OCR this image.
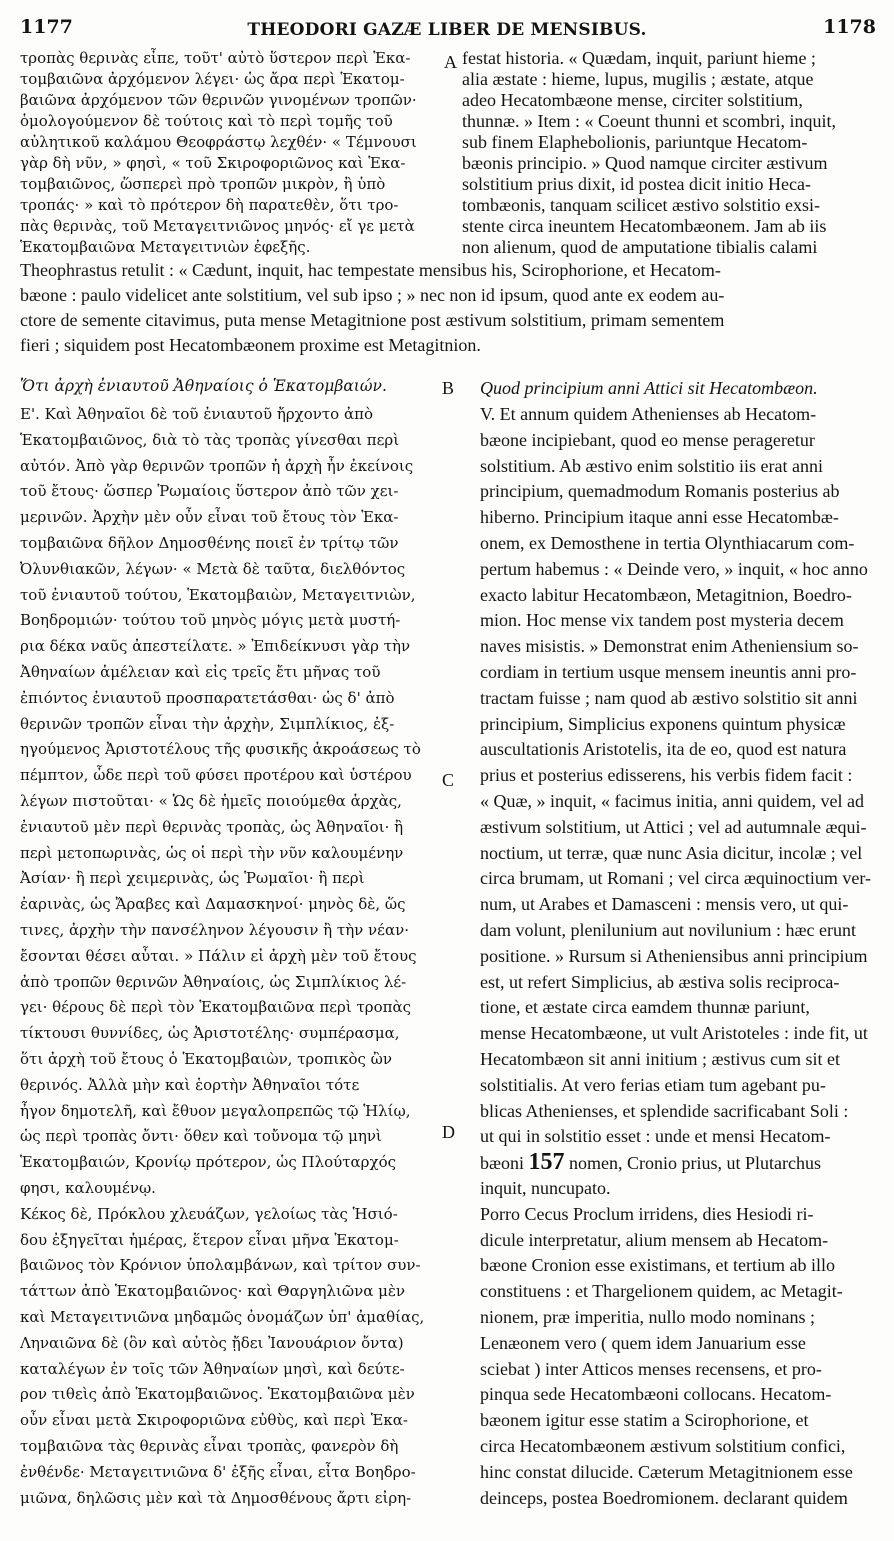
1177	THEODORI GAZÆ LIBER DE MENSIBUS.	1178
τροπὰς θερινὰς εἶπε, τοῦτ' αὐτὸ ὕστερον περὶ Ἑκα-
τομβαιῶνα ἀρχόμενον λέγει· ὡς ἄρα περὶ Ἑκατομ-
βαιῶνα ἀρχόμενον τῶν θερινῶν γινομένων τροπῶν·
ὁμολογούμενον δὲ τούτοις καὶ τὸ περὶ τομῆς τοῦ
αὐλητικοῦ καλάμου Θεοφράστῳ λεχθέν· « Τέμνουσι
γὰρ δὴ νῦν, » φησὶ, « τοῦ Σκιροφοριῶνος καὶ Ἑκα-
τομβαιῶνος, ὥσπερεὶ πρὸ τροπῶν μικρὸν, ἢ ὑπὸ
τροπάς· » καὶ τὸ πρότερον δὴ παρατεθὲν, ὅτι τρο-
πὰς θερινὰς, τοῦ Μεταγειτνιῶνος μηνός· εἴ γε μετὰ
Ἑκατομβαιῶνα Μεταγειτνιὼν ἐφεξῆς.
festat historia. « Quædam, inquit, pariunt hieme ;
alia æstate : hieme, lupus, mugilis ; æstate, atque
adeo Hecatombæone mense, circiter solstitium,
thunnæ. » Item : « Coeunt thunni et scombri, inquit,
sub finem Elaphebolionis, pariuntque Hecatom-
bæonis principio. » Quod namque circiter æstivum
solstitium prius dixit, id postea dicit initio Heca-
tombæonis, tanquam scilicet æstivo solstitio exsi-
stente circa ineuntem Hecatombæonem. Jam ab iis
non alienum, quod de amputatione tibialis calami
A
Theophrastus retulit : « Cædunt, inquit, hac tempestate mensibus his, Scirophorione, et Hecatom-
bæone : paulo videlicet ante solstitium, vel sub ipso ; » nec non id ipsum, quod ante ex eodem au-
ctore de semente citavimus, puta mense Metagitnione post æstivum solstitium, primam sementem
fieri ; siquidem post Hecatombæonem proxime est Metagitnion.
Ὅτι ἀρχὴ ἐνιαυτοῦ Ἀθηναίοις ὁ Ἑκατομβαιών.	B Quod principium anni Attici sit Hecatombæon.
Ε'. Καὶ Ἀθηναῖοι δὲ τοῦ ἐνιαυτοῦ ἤρχοντο ἀπὸ
Ἑκατομβαιῶνος, διὰ τὸ τὰς τροπὰς γίνεσθαι περὶ
αὐτόν. Ἀπὸ γὰρ θερινῶν τροπῶν ἡ ἀρχὴ ἦν ἐκείνοις
τοῦ ἔτους· ὥσπερ Ῥωμαίοις ὕστερον ἀπὸ τῶν χει-
μερινῶν. Ἀρχὴν μὲν οὖν εἶναι τοῦ ἔτους τὸν Ἑκα-
τομβαιῶνα δῆλον Δημοσθένης ποιεῖ ἐν τρίτῳ τῶν
Ὀλυνθιακῶν, λέγων· « Μετὰ δὲ ταῦτα, διελθόντος
τοῦ ἐνιαυτοῦ τούτου, Ἑκατομβαιὼν, Μεταγειτνιὼν,
Βοηδρομιών· τούτου τοῦ μηνὸς μόγις μετὰ μυστή-
ρια δέκα ναῦς ἀπεστείλατε. » Ἐπιδείκνυσι γὰρ τὴν
Ἀθηναίων ἀμέλειαν καὶ εἰς τρεῖς ἔτι μῆνας τοῦ
ἐπιόντος ἐνιαυτοῦ προσπαρατετάσθαι· ὡς δ' ἀπὸ
θερινῶν τροπῶν εἶναι τὴν ἀρχὴν, Σιμπλίκιος, ἐξ-
ηγούμενος Ἀριστοτέλους τῆς φυσικῆς ἀκροάσεως τὸ
πέμπτον, ὧδε περὶ τοῦ φύσει προτέρου καὶ ὑστέρου
λέγων πιστοῦται· « Ὡς δὲ ἡμεῖς ποιούμεθα ἀρχὰς,
ἐνιαυτοῦ μὲν περὶ θερινὰς τροπὰς, ὡς Ἀθηναῖοι· ἢ
περὶ μετοπωρινὰς, ὡς οἱ περὶ τὴν νῦν καλουμένην
Ἀσίαν· ἢ περὶ χειμερινὰς, ὡς Ῥωμαῖοι· ἢ περὶ
ἐαρινὰς, ὡς Ἄραβες καὶ Δαμασκηνοί· μηνὸς δὲ, ὥς
τινες, ἀρχὴν τὴν πανσέληνον λέγουσιν ἢ τὴν νέαν·
ἔσονται θέσει αὗται. » Πάλιν εἰ ἀρχὴ μὲν τοῦ ἔτους
ἀπὸ τροπῶν θερινῶν Ἀθηναίοις, ὡς Σιμπλίκιος λέ-
γει· θέρους δὲ περὶ τὸν Ἑκατομβαιῶνα περὶ τροπὰς
τίκτουσι θυννίδες, ὡς Ἀριστοτέλης· συμπέρασμα,
ὅτι ἀρχὴ τοῦ ἔτους ὁ Ἑκατομβαιὼν, τροπικὸς ὢν
θερινός. Ἀλλὰ μὴν καὶ ἑορτὴν Ἀθηναῖοι τότε
ἦγον δημοτελῆ, καὶ ἔθυον μεγαλοπρεπῶς τῷ Ἡλίῳ,
ὡς περὶ τροπὰς ὄντι· ὅθεν καὶ τοὔνομα τῷ μηνὶ
Ἑκατομβαιών, Κρονίῳ πρότερον, ὡς Πλούταρχός
φησι, καλουμένῳ.
Κέκος δὲ, Πρόκλου χλευάζων, γελοίως τὰς Ἡσιό-
δου ἐξηγεῖται ἡμέρας, ἕτερον εἶναι μῆνα Ἑκατομ-
βαιῶνος τὸν Κρόνιον ὑπολαμβάνων, καὶ τρίτον συν-
τάττων ἀπὸ Ἑκατομβαιῶνος· καὶ Θαργηλιῶνα μὲν
καὶ Μεταγειτνιῶνα μηδαμῶς ὀνομάζων ὑπ' ἀμαθίας,
Ληναιῶνα δὲ (ὃν καὶ αὐτὸς ᾔδει Ἰανουάριον ὄντα)
καταλέγων ἐν τοῖς τῶν Ἀθηναίων μησὶ, καὶ δεύτε-
ρον τιθεὶς ἀπὸ Ἑκατομβαιῶνος. Ἑκατομβαιῶνα μὲν
οὖν εἶναι μετὰ Σκιροφοριῶνα εὐθὺς, καὶ περὶ Ἑκα-
τομβαιῶνα τὰς θερινὰς εἶναι τροπὰς, φανερὸν δὴ
ἐνθένδε· Μεταγειτνιῶνα δ' ἐξῆς εἶναι, εἶτα Βοηδρο-
μιῶνα, δηλῶσις μὲν καὶ τὰ Δημοσθένους ἄρτι εἰρη-
V. Et annum quidem Athenienses ab Hecatom-
bæone incipiebant, quod eo mense perageretur
solstitium. Ab æstivo enim solstitio iis erat anni
principium, quemadmodum Romanis posterius ab
hiberno. Principium itaque anni esse Hecatombæ-
onem, ex Demosthene in tertia Olynthiacarum com-
pertum habemus : « Deinde vero, » inquit, « hoc anno
exacto labitur Hecatombæon, Metagitnion, Boedro-
mion. Hoc mense vix tandem post mysteria decem
naves misistis. » Demonstrat enim Atheniensium so-
cordiam in tertium usque mensem ineuntis anni pro-
tractam fuisse ; nam quod ab æstivo solstitio sit anni
principium, Simplicius exponens quintum physicæ
auscultationis Aristotelis, ita de eo, quod est natura
prius et posterius edisserens, his verbis fidem facit :
« Quæ, » inquit, « facimus initia, anni quidem, vel ad
æstivum solstitium, ut Attici ; vel ad autumnale æqui-
noctium, ut terræ, quæ nunc Asia dicitur, incolæ ; vel
circa brumam, ut Romani ; vel circa æquinoctium ver-
num, ut Arabes et Damasceni : mensis vero, ut qui-
dam volunt, plenilunium aut novilunium : hæc erunt
positione. » Rursum si Atheniensibus anni principium
est, ut refert Simplicius, ab æstiva solis reciproca-
tione, et æstate circa eamdem thunnæ pariunt,
mense Hecatombæone, ut vult Aristoteles : inde fit, ut
Hecatombæon sit anni initium ; æstivus cum sit et
solstitialis. At vero ferias etiam tum agebant pu-
blicas Athenienses, et splendide sacrificabant Soli :
ut qui in solstitio esset : unde et mensi Hecatom-
bæoni 157 nomen, Cronio prius, ut Plutarchus
inquit, nuncupato.
Porro Cecus Proclum irridens, dies Hesiodi ri-
dicule interpretatur, alium mensem ab Hecatom-
bæone Cronion esse existimans, et tertium ab illo
constituens : et Thargelionem quidem, ac Metagit-
nionem, præ imperitia, nullo modo nominans ;
Lenæonem vero ( quem idem Januarium esse
sciebat ) inter Atticos menses recensens, et pro-
pinqua sede Hecatombæoni collocans. Hecatom-
bæonem igitur esse statim a Scirophorione, et
circa Hecatombæonem æstivum solstitium confici,
hinc constat dilucide. Cæterum Metagitnionem esse
deinceps, postea Boedromionem. declarant quidem
C
D
